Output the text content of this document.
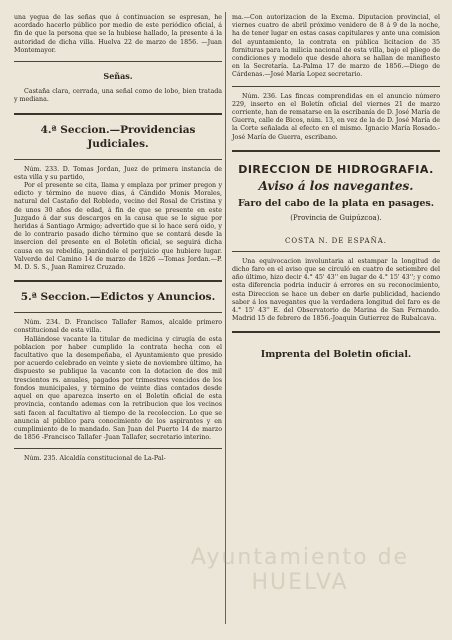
una yegua de las señas que á continuacion se espresan, he acordado hacerlo público por medio de este periódico oficial, á fin de que la persona que se la hubiese hallado, la presente á la autoridad de dicha villa. Huelva 22 de marzo de 1856. —Juan Montemayor.

Señas.

Castaña clara, cerrada, una señal como de lobo, bien tratada y mediana.

4.ª Seccion.—Providencias Judiciales.

Núm. 233. D. Tomas Jordan, Juez de primera instancia de esta villa y su partido,

Por el presente se cita, llama y emplaza por primer pregon y edicto y término de nueve dias, á Cándido Monis Morales, natural del Castaño del Robledo, vecino del Rosal de Cristina y de unos 30 años de edad, á fin de que se presente en este Juzgado á dar sus descargos en la causa que se le sigue por heridas á Santiago Armigo; advertido que si lo hace será oido, y de lo contrario pasado dicho término que se contará desde la insercion del presente en el Boletín oficial, se seguirá dicha causa en su rebeldía, parándole el perjuicio que hubiere lugar. Valverde del Camino 14 de marzo de 1826 —Tomas Jordan.—P. M. D. S. S., Juan Ramirez Cruzado.

5.ª Seccion.—Edictos y Anuncios.

Núm. 234. D. Francisco Tallafer Ramos, alcalde primero constitucional de esta villa.

Hallándose vacante la titular de medicina y cirugía de esta poblacion por haber cumplido la contrata hecha con el facultativo que la desempeñaba, el Ayuntamiento que presido por acuerdo celebrado en veinte y siete de noviembre último, ha dispuesto se publique la vacante con la dotacion de dos mil trescientos rs. anuales, pagados por trimestres vencidos de los fondos municipales, y término de veinte dias contados desde aquel en que aparezca inserto en el Boletín oficial de esta provincia, contando ademas con la retribucion que los vecinos sati facen al facultativo al tiempo de la recoleccion. Lo que se anuncia al público para conocimiento de los aspirantes y en cumplimiento de lo mandado. San Juan del Puerto 14 de marzo de 1856 -Francisco Tallafer -Juan Tallafer, secretario interino.

Núm. 235. Alcaldía constitucional de La-Pal-

ma.—Con autorizacion de la Excma. Diputacion provincial, el viernes cuatro de abril próximo venidero de 8 á 9 de la noche, ha de tener lugar en estas casas capitulares y ante una comision del ayuntamiento, la contrata en pública licitacion de 35 fornituras para la milicia nacional de esta villa, bajo el pliego de condiciones y modelo que desde ahora se hallan de manifiesto en la Secretaría. La-Palma 17 de marzo de 1856.—Diego de Cárdenas.—José María Lopez secretario.

Núm. 236. Las fincas comprendidas en el anuncio número 229, inserto en el Boletín oficial del viernes 21 de marzo corriente, han de rematarse en la escribanía de D. José María de Guerra, calle de Bicos, núm. 13, en vez de la de D. José María de la Corte señalada al efecto en el mismo. Ignacio María Rosado.-José María de Guerra, escribano.

DIRECCION DE HIDROGRAFIA.
Aviso á los navegantes.
Faro del cabo de la plata en pasages.
(Provincia de Guipúzcoa).
COSTA N. DE ESPAÑA.

Una equivocacion involuntaria al estampar la longitud de dicho faro en el aviso que se circuló en cuatro de setiembre del año último, hizo decir 4.° 45' 43'' en lugar de 4.° 15' 43''; y como esta diferencia podria inducir á errores en su reconocimiento, esta Direccion se hace un deber en darle publicidad, haciendo saber á los navegantes que la verdadera longitud del faro es de 4.° 15' 43'' E. del Observatorio de Marina de San Fernando. Madrid 15 de febrero de 1856.-Joaquin Gutierrez de Rubalcava.

Imprenta del Boletin oficial.
Ayuntamiento de HUELVA
